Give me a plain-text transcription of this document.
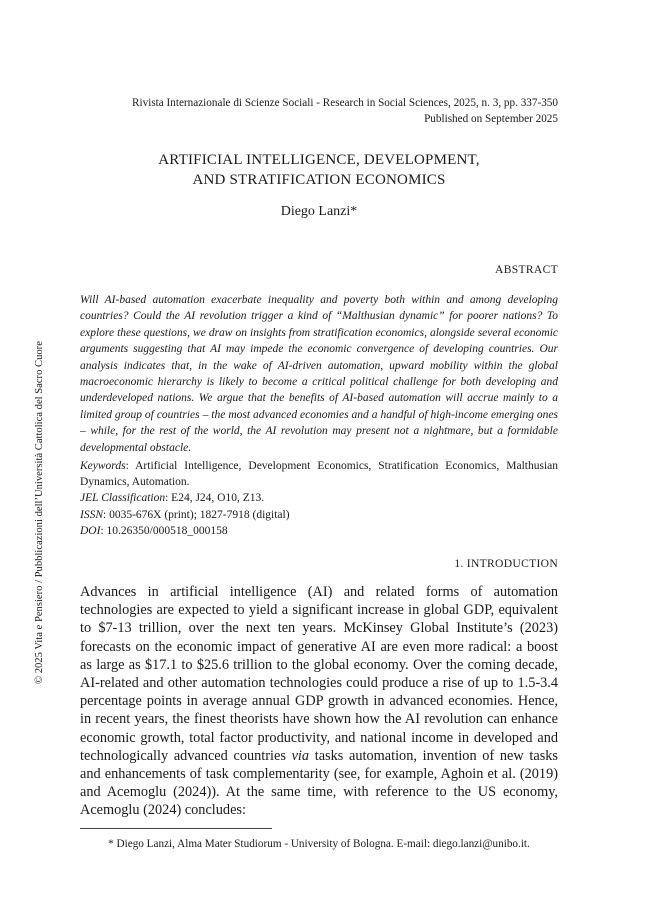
Rivista Internazionale di Scienze Sociali - Research in Social Sciences, 2025, n. 3, pp. 337-350
Published on September 2025
ARTIFICIAL INTELLIGENCE, DEVELOPMENT,
AND STRATIFICATION ECONOMICS
Diego Lanzi*
ABSTRACT
Will AI-based automation exacerbate inequality and poverty both within and among developing countries? Could the AI revolution trigger a kind of “Malthusian dynamic” for poorer nations? To explore these questions, we draw on insights from stratification economics, alongside several economic arguments suggesting that AI may impede the economic convergence of developing countries. Our analysis indicates that, in the wake of AI-driven automation, upward mobility within the global macroeconomic hierarchy is likely to become a critical political challenge for both developing and underdeveloped nations. We argue that the benefits of AI-based automation will accrue mainly to a limited group of countries – the most advanced economies and a handful of high-income emerging ones – while, for the rest of the world, the AI revolution may present not a nightmare, but a formidable developmental obstacle.
Keywords: Artificial Intelligence, Development Economics, Stratification Economics, Malthusian Dynamics, Automation.
JEL Classification: E24, J24, O10, Z13.
ISSN: 0035-676X (print); 1827-7918 (digital)
DOI: 10.26350/000518_000158
1. INTRODUCTION
Advances in artificial intelligence (AI) and related forms of automation technologies are expected to yield a significant increase in global GDP, equivalent to $7-13 trillion, over the next ten years. McKinsey Global Institute’s (2023) forecasts on the economic impact of generative AI are even more radical: a boost as large as $17.1 to $25.6 trillion to the global economy. Over the coming decade, AI-related and other automation technologies could produce a rise of up to 1.5-3.4 percentage points in average annual GDP growth in advanced economies. Hence, in recent years, the finest theorists have shown how the AI revolution can enhance economic growth, total factor productivity, and national income in developed and technologically advanced countries via tasks automation, invention of new tasks and enhancements of task complementarity (see, for example, Aghoin et al. (2019) and Acemoglu (2024)). At the same time, with reference to the US economy, Acemoglu (2024) concludes:
* Diego Lanzi, Alma Mater Studiorum - University of Bologna. E-mail: diego.lanzi@unibo.it.
© 2025 Vita e Pensiero / Pubblicazioni dell’Università Cattolica del Sacro Cuore
